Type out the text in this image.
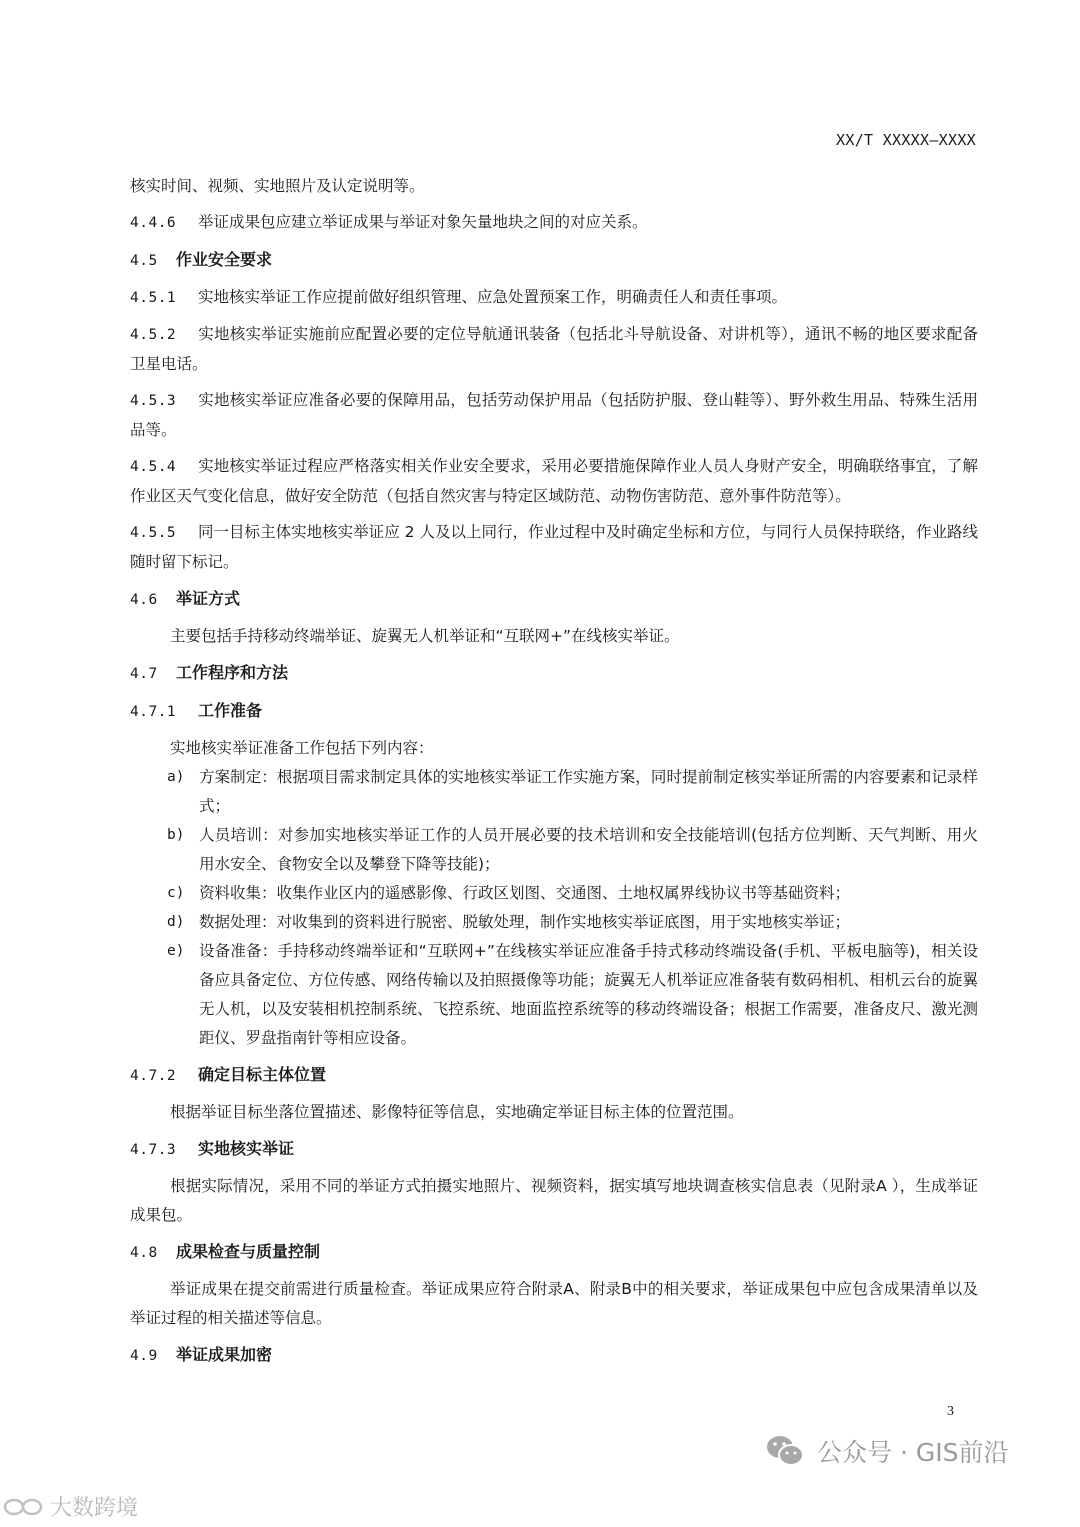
XX/T XXXXX—XXXX

核实时间、视频、实地照片及认定说明等。

4.4.6 举证成果包应建立举证成果与举证对象矢量地块之间的对应关系。

4.5 作业安全要求

4.5.1 实地核实举证工作应提前做好组织管理、应急处置预案工作，明确责任人和责任事项。

4.5.2 实地核实举证实施前应配置必要的定位导航通讯装备（包括北斗导航设备、对讲机等），通讯不畅的地区要求配备卫星电话。

4.5.3 实地核实举证应准备必要的保障用品，包括劳动保护用品（包括防护服、登山鞋等）、野外救生用品、特殊生活用品等。

4.5.4 实地核实举证过程应严格落实相关作业安全要求，采用必要措施保障作业人员人身财产安全，明确联络事宜，了解作业区天气变化信息，做好安全防范（包括自然灾害与特定区域防范、动物伤害防范、意外事件防范等）。

4.5.5 同一目标主体实地核实举证应 2 人及以上同行，作业过程中及时确定坐标和方位，与同行人员保持联络，作业路线随时留下标记。

4.6 举证方式

主要包括手持移动终端举证、旋翼无人机举证和“互联网+”在线核实举证。

4.7 工作程序和方法

4.7.1 工作准备

实地核实举证准备工作包括下列内容：

a) 方案制定：根据项目需求制定具体的实地核实举证工作实施方案，同时提前制定核实举证所需的内容要素和记录样式；

b) 人员培训：对参加实地核实举证工作的人员开展必要的技术培训和安全技能培训(包括方位判断、天气判断、用火用水安全、食物安全以及攀登下降等技能)；

c) 资料收集：收集作业区内的遥感影像、行政区划图、交通图、土地权属界线协议书等基础资料；

d) 数据处理：对收集到的资料进行脱密、脱敏处理，制作实地核实举证底图，用于实地核实举证；

e) 设备准备：手持移动终端举证和“互联网+”在线核实举证应准备手持式移动终端设备(手机、平板电脑等)，相关设备应具备定位、方位传感、网络传输以及拍照摄像等功能；旋翼无人机举证应准备装有数码相机、相机云台的旋翼无人机，以及安装相机控制系统、飞控系统、地面监控系统等的移动终端设备；根据工作需要，准备皮尺、激光测距仪、罗盘指南针等相应设备。

4.7.2 确定目标主体位置

根据举证目标坐落位置描述、影像特征等信息，实地确定举证目标主体的位置范围。

4.7.3 实地核实举证

根据实际情况，采用不同的举证方式拍摄实地照片、视频资料，据实填写地块调查核实信息表（见附录A ），生成举证成果包。

4.8 成果检查与质量控制

举证成果在提交前需进行质量检查。举证成果应符合附录A、附录B中的相关要求，举证成果包中应包含成果清单以及举证过程的相关描述等信息。

4.9 举证成果加密

3
公众号 · GIS前沿
大数跨境
